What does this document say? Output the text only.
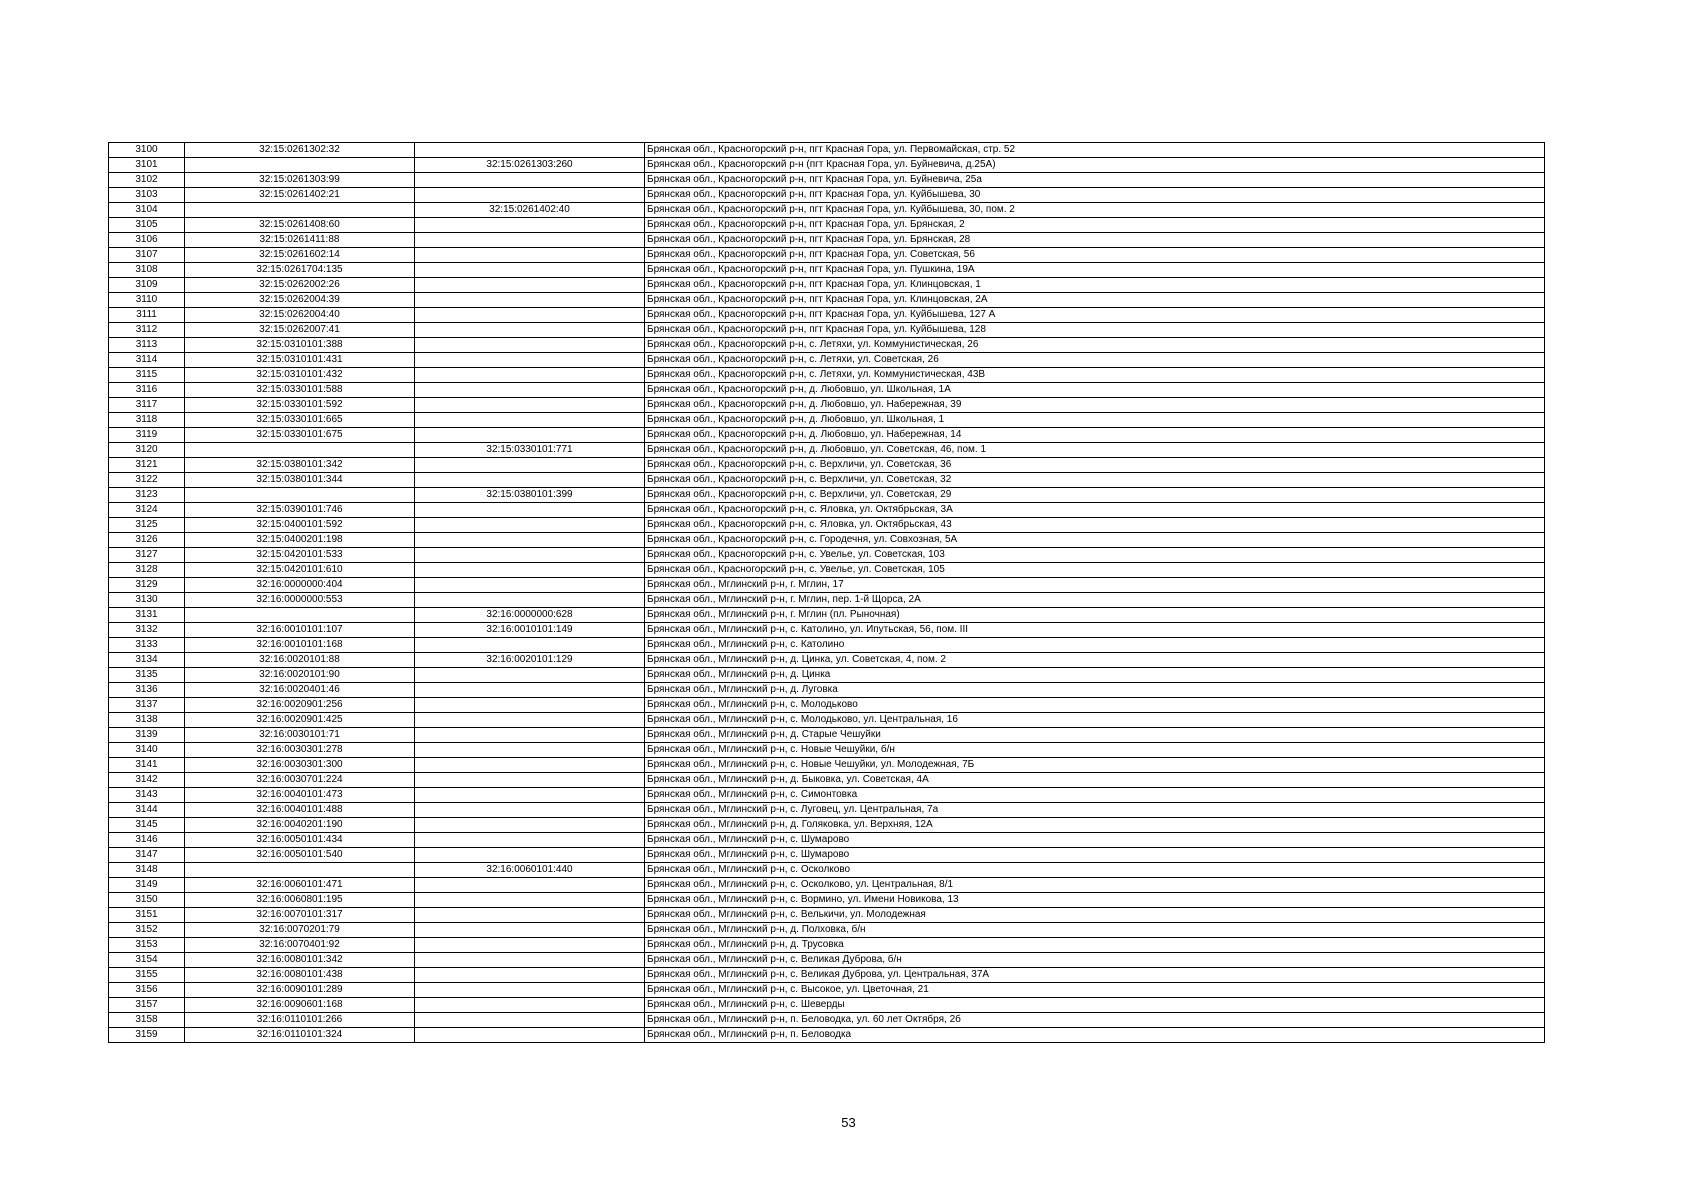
3100	32:15:0261302:32		Брянская обл., Красногорский р-н, пгт Красная Гора, ул. Первомайская, стр. 52
3101		32:15:0261303:260	Брянская обл., Красногорский р-н (пгт Красная Гора, ул. Буйневича, д.25А)
3102	32:15:0261303:99		Брянская обл., Красногорский р-н, пгт Красная Гора, ул. Буйневича, 25а
3103	32:15:0261402:21		Брянская обл., Красногорский р-н, пгт Красная Гора, ул. Куйбышева, 30
3104		32:15:0261402:40	Брянская обл., Красногорский р-н, пгт Красная Гора, ул. Куйбышева, 30, пом. 2
3105	32:15:0261408:60		Брянская обл., Красногорский р-н, пгт Красная Гора, ул. Брянская, 2
3106	32:15:0261411:88		Брянская обл., Красногорский р-н, пгт Красная Гора, ул. Брянская, 28
3107	32:15:0261602:14		Брянская обл., Красногорский р-н, пгт Красная Гора, ул. Советская, 56
3108	32:15:0261704:135		Брянская обл., Красногорский р-н, пгт Красная Гора, ул. Пушкина, 19А
3109	32:15:0262002:26		Брянская обл., Красногорский р-н, пгт Красная Гора, ул. Клинцовская, 1
3110	32:15:0262004:39		Брянская обл., Красногорский р-н, пгт Красная Гора, ул. Клинцовская, 2А
3111	32:15:0262004:40		Брянская обл., Красногорский р-н, пгт Красная Гора, ул. Куйбышева, 127 А
3112	32:15:0262007:41		Брянская обл., Красногорский р-н, пгт Красная Гора, ул. Куйбышева, 128
3113	32:15:0310101:388		Брянская обл., Красногорский р-н, с. Летяхи, ул. Коммунистическая, 26
3114	32:15:0310101:431		Брянская обл., Красногорский р-н, с. Летяхи, ул. Советская, 26
3115	32:15:0310101:432		Брянская обл., Красногорский р-н, с. Летяхи, ул. Коммунистическая, 43В
3116	32:15:0330101:588		Брянская обл., Красногорский р-н, д. Любовшо, ул. Школьная, 1А
3117	32:15:0330101:592		Брянская обл., Красногорский р-н, д. Любовшо, ул. Набережная, 39
3118	32:15:0330101:665		Брянская обл., Красногорский р-н, д. Любовшо, ул. Школьная, 1
3119	32:15:0330101:675		Брянская обл., Красногорский р-н, д. Любовшо, ул. Набережная, 14
3120		32:15:0330101:771	Брянская обл., Красногорский р-н, д. Любовшо, ул. Советская, 46, пом. 1
3121	32:15:0380101:342		Брянская обл., Красногорский р-н, с. Верхличи, ул. Советская, 36
3122	32:15:0380101:344		Брянская обл., Красногорский р-н, с. Верхличи, ул. Советская, 32
3123		32:15:0380101:399	Брянская обл., Красногорский р-н, с. Верхличи, ул. Советская, 29
3124	32:15:0390101:746		Брянская обл., Красногорский р-н, с. Яловка, ул. Октябрьская, 3А
3125	32:15:0400101:592		Брянская обл., Красногорский р-н, с. Яловка, ул. Октябрьская, 43
3126	32:15:0400201:198		Брянская обл., Красногорский р-н, с. Городечня, ул. Совхозная, 5А
3127	32:15:0420101:533		Брянская обл., Красногорский р-н, с. Увелье, ул. Советская, 103
3128	32:15:0420101:610		Брянская обл., Красногорский р-н, с. Увелье, ул. Советская, 105
3129	32:16:0000000:404		Брянская обл., Мглинский р-н, г. Мглин, 17
3130	32:16:0000000:553		Брянская обл., Мглинский р-н, г. Мглин, пер. 1-й Щорса, 2А
3131		32:16:0000000:628	Брянская обл., Мглинский р-н, г. Мглин (пл. Рыночная)
3132	32:16:0010101:107	32:16:0010101:149	Брянская обл., Мглинский р-н, с. Католино, ул. Ипутьская, 56, пом. III
3133	32:16:0010101:168		Брянская обл., Мглинский р-н, с. Католино
3134	32:16:0020101:88	32:16:0020101:129	Брянская обл., Мглинский р-н, д. Цинка, ул. Советская, 4, пом. 2
3135	32:16:0020101:90		Брянская обл., Мглинский р-н, д. Цинка
3136	32:16:0020401:46		Брянская обл., Мглинский р-н, д. Луговка
3137	32:16:0020901:256		Брянская обл., Мглинский р-н, с. Молодьково
3138	32:16:0020901:425		Брянская обл., Мглинский р-н, с. Молодьково, ул. Центральная, 16
3139	32:16:0030101:71		Брянская обл., Мглинский р-н, д. Старые Чешуйки
3140	32:16:0030301:278		Брянская обл., Мглинский р-н, с. Новые Чешуйки, б/н
3141	32:16:0030301:300		Брянская обл., Мглинский р-н, с. Новые Чешуйки, ул. Молодежная, 7Б
3142	32:16:0030701:224		Брянская обл., Мглинский р-н, д. Быковка, ул. Советская, 4А
3143	32:16:0040101:473		Брянская обл., Мглинский р-н, с. Симонтовка
3144	32:16:0040101:488		Брянская обл., Мглинский р-н, с. Луговец, ул. Центральная, 7а
3145	32:16:0040201:190		Брянская обл., Мглинский р-н, д. Голяковка, ул. Верхняя, 12А
3146	32:16:0050101:434		Брянская обл., Мглинский р-н, с. Шумарово
3147	32:16:0050101:540		Брянская обл., Мглинский р-н, с. Шумарово
3148		32:16:0060101:440	Брянская обл., Мглинский р-н, с. Осколково
3149	32:16:0060101:471		Брянская обл., Мглинский р-н, с. Осколково, ул. Центральная, 8/1
3150	32:16:0060801:195		Брянская обл., Мглинский р-н, с. Вормино, ул. Имени Новикова, 13
3151	32:16:0070101:317		Брянская обл., Мглинский р-н, с. Велькичи, ул. Молодежная
3152	32:16:0070201:79		Брянская обл., Мглинский р-н, д. Полховка, б/н
3153	32:16:0070401:92		Брянская обл., Мглинский р-н, д. Трусовка
3154	32:16:0080101:342		Брянская обл., Мглинский р-н, с. Великая Дуброва, б/н
3155	32:16:0080101:438		Брянская обл., Мглинский р-н, с. Великая Дуброва, ул. Центральная, 37А
3156	32:16:0090101:289		Брянская обл., Мглинский р-н, с. Высокое, ул. Цветочная, 21
3157	32:16:0090601:168		Брянская обл., Мглинский р-н, с. Шеверды
3158	32:16:0110101:266		Брянская обл., Мглинский р-н, п. Беловодка, ул. 60 лет Октября, 2б
3159	32:16:0110101:324		Брянская обл., Мглинский р-н, п. Беловодка
53
